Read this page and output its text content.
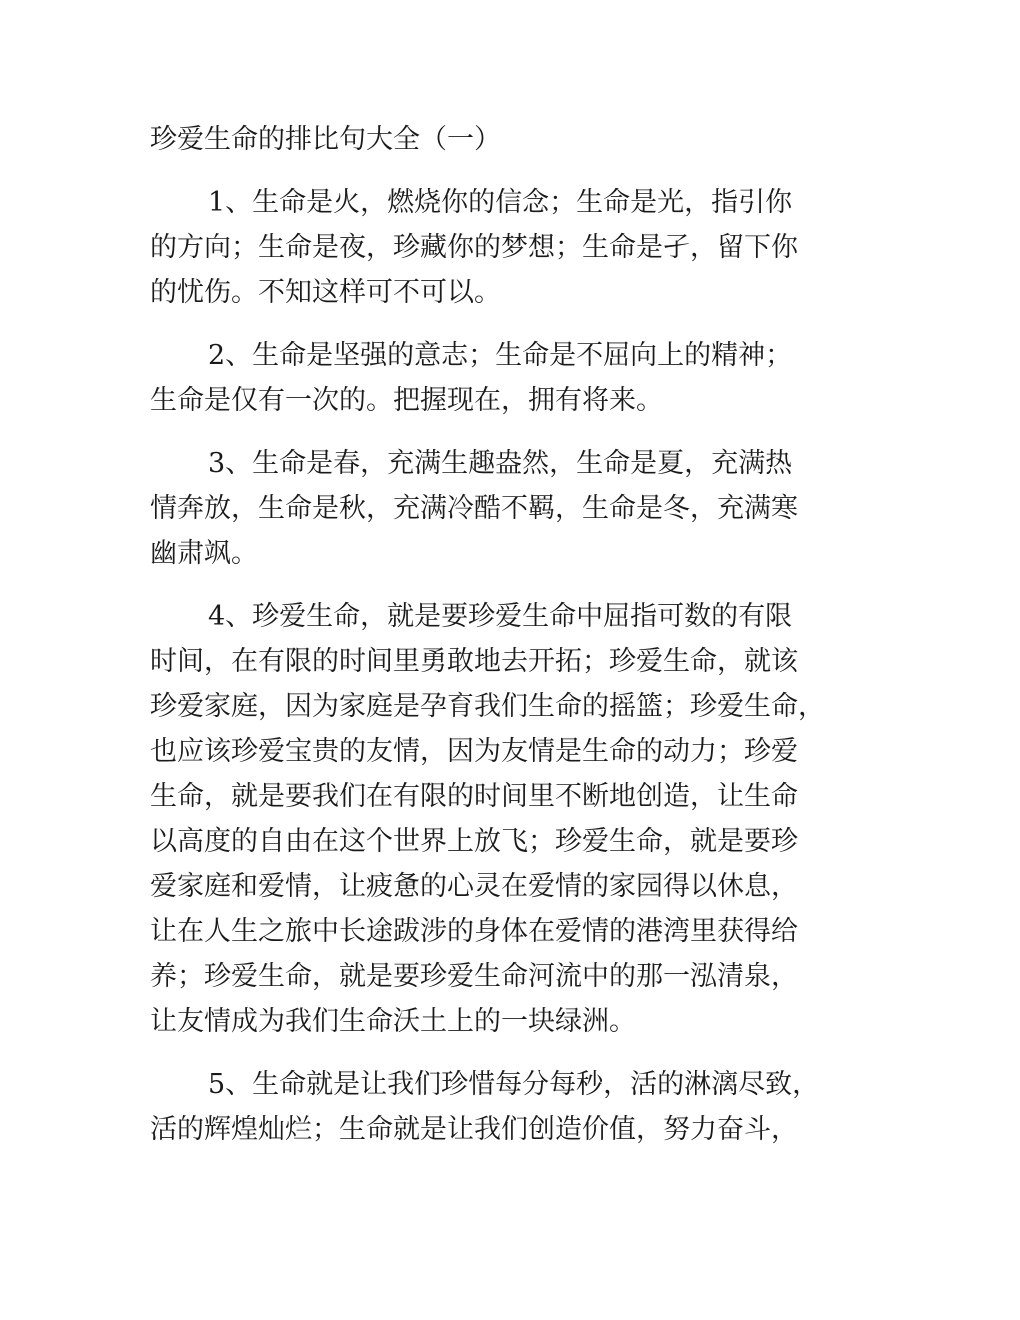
珍爱生命的排比句大全（一）
1、生命是火，燃烧你的信念；生命是光，指引你
的方向；生命是夜，珍藏你的梦想；生命是孑，留下你
的忧伤。不知这样可不可以。
2、生命是坚强的意志；生命是不屈向上的精神；
生命是仅有一次的。把握现在，拥有将来。
3、生命是春，充满生趣盎然，生命是夏，充满热
情奔放，生命是秋，充满冷酷不羁，生命是冬，充满寒
幽肃飒。
4、珍爱生命，就是要珍爱生命中屈指可数的有限
时间，在有限的时间里勇敢地去开拓；珍爱生命，就该
珍爱家庭，因为家庭是孕育我们生命的摇篮；珍爱生命，
也应该珍爱宝贵的友情，因为友情是生命的动力；珍爱
生命，就是要我们在有限的时间里不断地创造，让生命
以高度的自由在这个世界上放飞；珍爱生命，就是要珍
爱家庭和爱情，让疲惫的心灵在爱情的家园得以休息，
让在人生之旅中长途跋涉的身体在爱情的港湾里获得给
养；珍爱生命，就是要珍爱生命河流中的那一泓清泉，
让友情成为我们生命沃土上的一块绿洲。
5、生命就是让我们珍惜每分每秒，活的淋漓尽致，
活的辉煌灿烂；生命就是让我们创造价值，努力奋斗，
